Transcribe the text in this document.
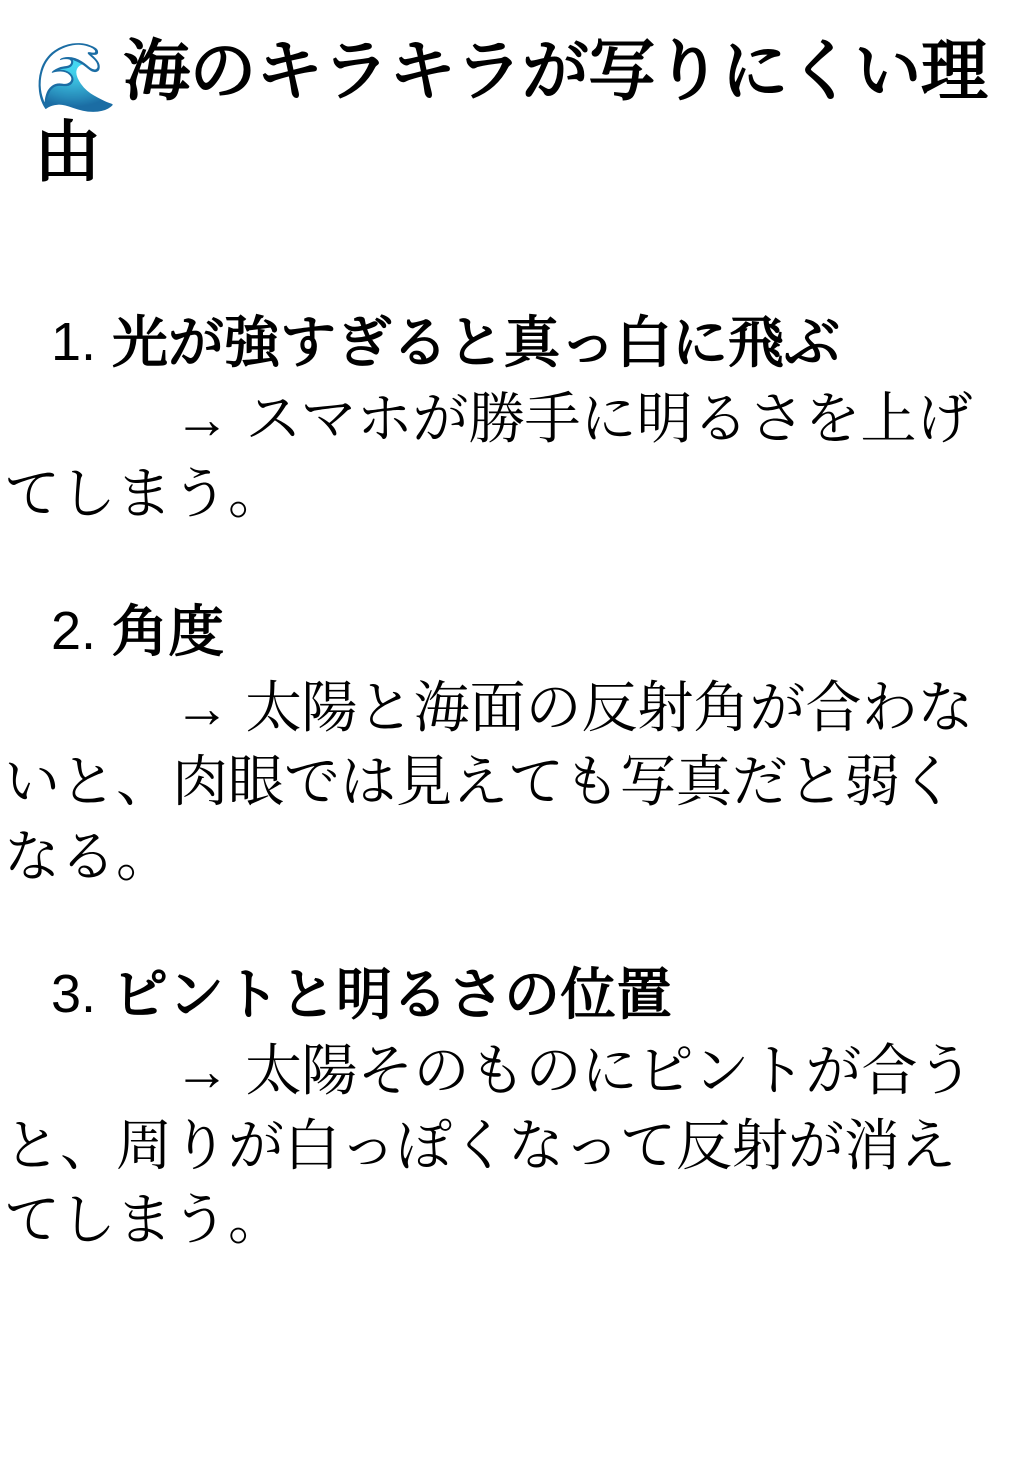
🌊海のキラキラが写りにくい理由
1. 光が強すぎると真っ白に飛ぶ
→ スマホが勝手に明るさを上げてしまう。
2. 角度
→ 太陽と海面の反射角が合わないと、肉眼では見えても写真だと弱くなる。
3. ピントと明るさの位置
→ 太陽そのものにピントが合うと、周りが白っぽくなって反射が消えてしまう。
